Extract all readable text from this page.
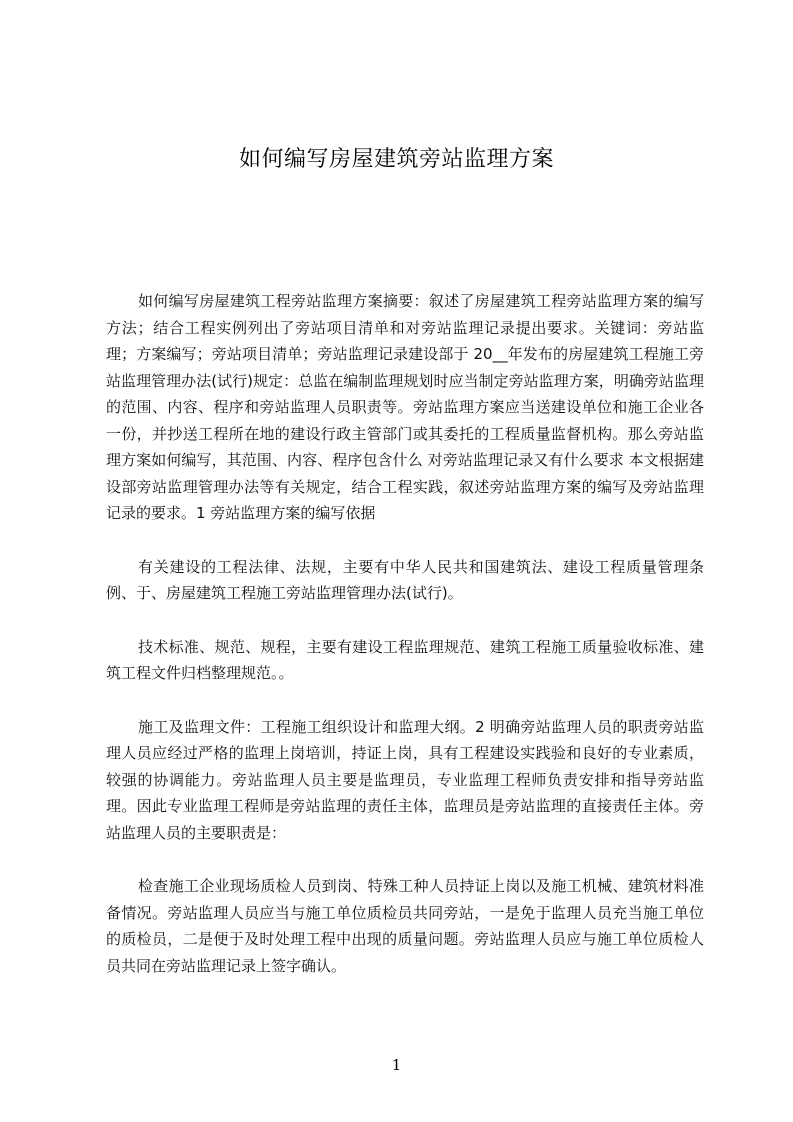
如何编写房屋建筑旁站监理方案

如何编写房屋建筑工程旁站监理方案摘要：叙述了房屋建筑工程旁站监理方案的编写方法；结合工程实例列出了旁站项目清单和对旁站监理记录提出要求。关键词：旁站监理；方案编写；旁站项目清单；旁站监理记录建设部于 20__年发布的房屋建筑工程施工旁站监理管理办法(试行)规定：总监在编制监理规划时应当制定旁站监理方案，明确旁站监理的范围、内容、程序和旁站监理人员职责等。旁站监理方案应当送建设单位和施工企业各一份，并抄送工程所在地的建设行政主管部门或其委托的工程质量监督机构。那么旁站监理方案如何编写，其范围、内容、程序包含什么 对旁站监理记录又有什么要求 本文根据建设部旁站监理管理办法等有关规定，结合工程实践，叙述旁站监理方案的编写及旁站监理记录的要求。1 旁站监理方案的编写依据

有关建设的工程法律、法规，主要有中华人民共和国建筑法、建设工程质量管理条例、于、房屋建筑工程施工旁站监理管理办法(试行)。

技术标准、规范、规程，主要有建设工程监理规范、建筑工程施工质量验收标准、建筑工程文件归档整理规范。。

施工及监理文件：工程施工组织设计和监理大纲。2 明确旁站监理人员的职责旁站监理人员应经过严格的监理上岗培训，持证上岗，具有工程建设实践验和良好的专业素质，较强的协调能力。旁站监理人员主要是监理员，专业监理工程师负责安排和指导旁站监理。因此专业监理工程师是旁站监理的责任主体，监理员是旁站监理的直接责任主体。旁站监理人员的主要职责是：

检查施工企业现场质检人员到岗、特殊工种人员持证上岗以及施工机械、建筑材料准备情况。旁站监理人员应当与施工单位质检员共同旁站，一是免于监理人员充当施工单位的质检员，二是便于及时处理工程中出现的质量问题。旁站监理人员应与施工单位质检人员共同在旁站监理记录上签字确认。

1
